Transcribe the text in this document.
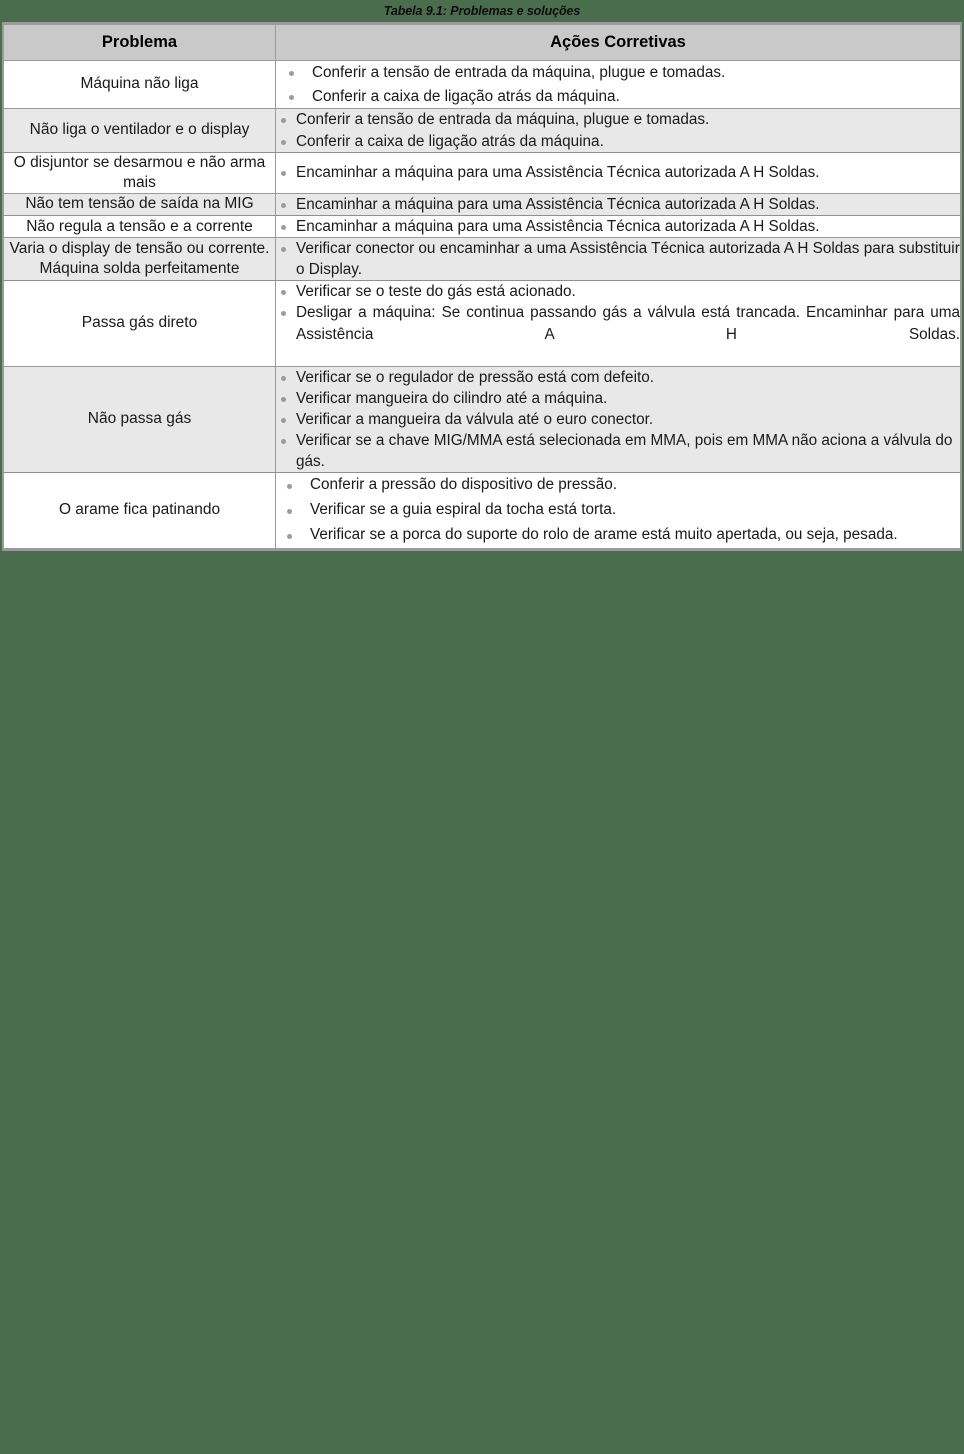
Tabela 9.1: Problemas e soluções
Problema	Ações Corretivas
Máquina não liga	
Conferir a tensão de entrada da máquina, plugue e tomadas.
Conferir a caixa de ligação atrás da máquina.

Não liga o ventilador e o display	
Conferir a tensão de entrada da máquina, plugue e tomadas.
Conferir a caixa de ligação atrás da máquina.

O disjuntor se desarmou e não arma mais	
Encaminhar a máquina para uma Assistência Técnica autorizada A H Soldas.

Não tem tensão de saída na MIG	Encaminhar a máquina para uma Assistência Técnica autorizada A H Soldas.

Não regula a tensão e a corrente	Encaminhar a máquina para uma Assistência Técnica autorizada A H Soldas.

Varia o display de tensão ou corrente. Máquina solda perfeitamente	
Verificar conector ou encaminhar a uma Assistência Técnica autorizada A H Soldas para substituir o Display.

Passa gás direto	
Verificar se o teste do gás está acionado.
Desligar a máquina: Se continua passando gás a válvula está trancada. Encaminhar para uma Assistência A H Soldas.

Não passa gás	
Verificar se o regulador de pressão está com defeito.
Verificar mangueira do cilindro até a máquina.
Verificar a mangueira da válvula até o euro conector.
Verificar se a chave MIG/MMA está selecionada em MMA, pois em MMA não aciona a válvula do gás.

O arame fica patinando	
Conferir a pressão do dispositivo de pressão.
Verificar se a guia espiral da tocha está torta.
Verificar se a porca do suporte do rolo de arame está muito apertada, ou seja, pesada.
